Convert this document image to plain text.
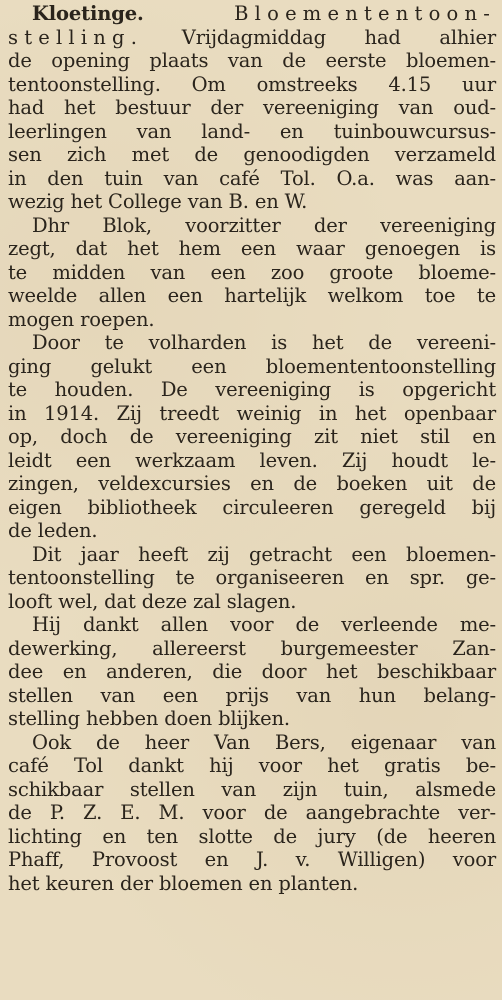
Kloetinge.	Bloemententoon-
stelling. Vrijdagmiddag had alhier
de opening plaats van de eerste bloemen-
tentoonstelling. Om omstreeks 4.15 uur
had het bestuur der vereeniging van oud-
leerlingen van land- en tuinbouwcursus-
sen zich met de genoodigden verzameld
in den tuin van café Tol. O.a. was aan-
wezig het College van B. en W.
Dhr Blok, voorzitter der vereeniging
zegt, dat het hem een waar genoegen is
te midden van een zoo groote bloeme-
weelde allen een hartelijk welkom toe te
mogen roepen.
Door te volharden is het de vereeni-
ging gelukt een bloemententoonstelling
te houden. De vereeniging is opgericht
in 1914. Zij treedt weinig in het openbaar
op, doch de vereeniging zit niet stil en
leidt een werkzaam leven. Zij houdt le-
zingen, veldexcursies en de boeken uit de
eigen bibliotheek circuleeren geregeld bij
de leden.
Dit jaar heeft zij getracht een bloemen-
tentoonstelling te organiseeren en spr. ge-
looft wel, dat deze zal slagen.
Hij dankt allen voor de verleende me-
dewerking, allereerst burgemeester Zan-
dee en anderen, die door het beschikbaar
stellen van een prijs van hun belang-
stelling hebben doen blijken.
Ook de heer Van Bers, eigenaar van
café Tol dankt hij voor het gratis be-
schikbaar stellen van zijn tuin, alsmede
de P. Z. E. M. voor de aangebrachte ver-
lichting en ten slotte de jury (de heeren
Phaff, Provoost en J. v. Willigen) voor
het keuren der bloemen en planten.
